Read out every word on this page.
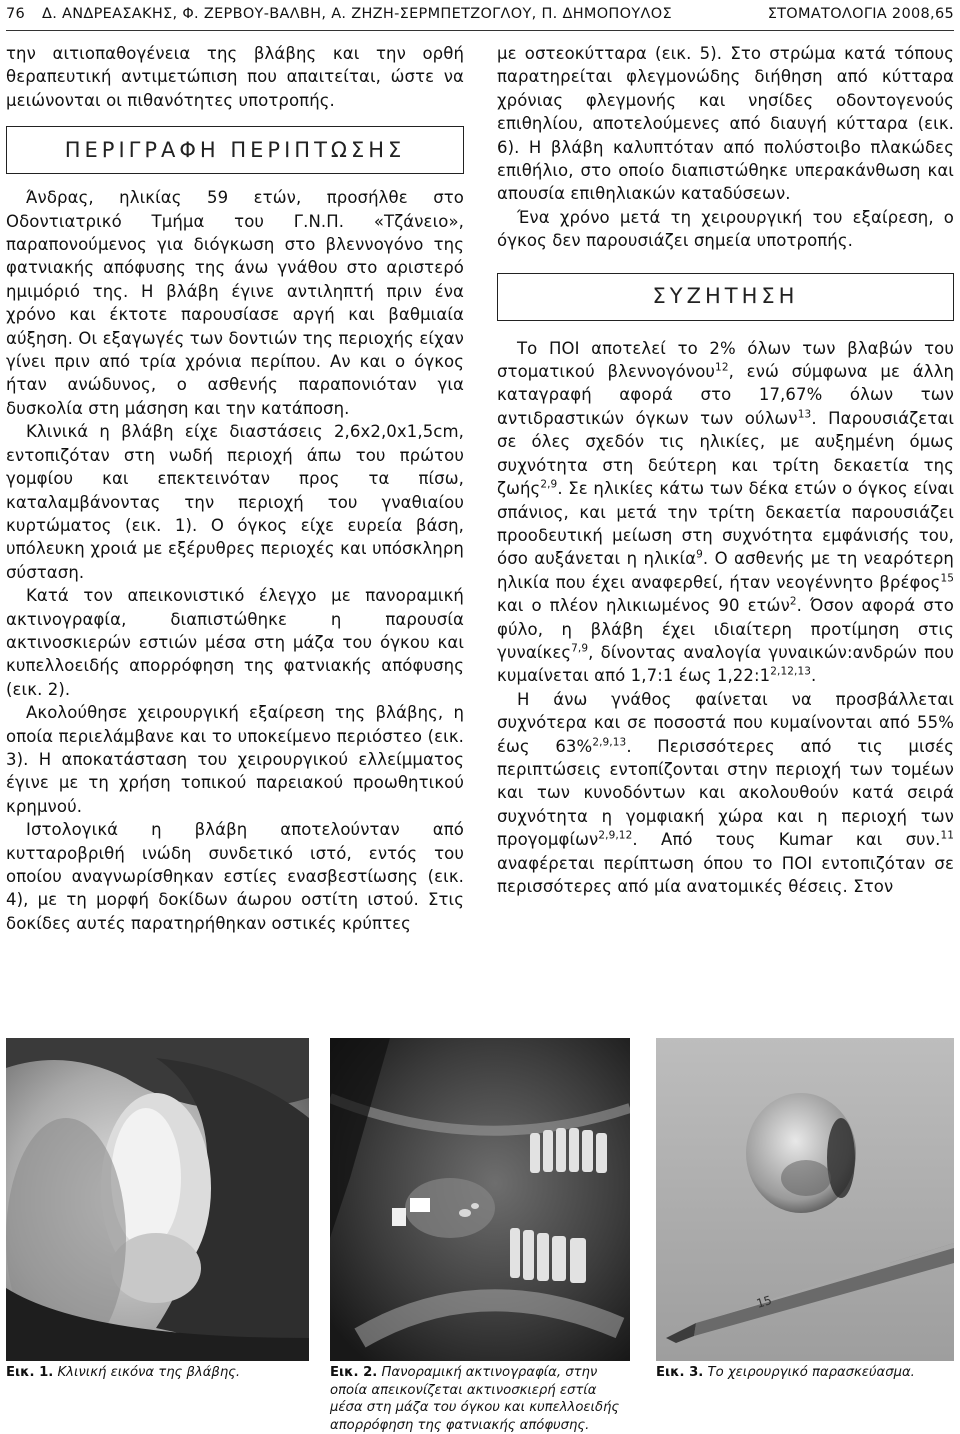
76 Δ. ΑΝΔΡΕΑΣΑΚΗΣ, Φ. ΖΕΡΒΟΥ-ΒΑΛΒΗ, Α. ΖΗΖΗ-ΣΕΡΜΠΕΤΖΟΓΛΟΥ, Π. ΔΗΜΟΠΟΥΛΟΣ	ΣΤΟΜΑΤΟΛΟΓΙΑ 2008,65

την αιτιοπαθογένεια της βλάβης και την ορθή θεραπευτική αντιμετώπιση που απαιτείται, ώστε να μειώνονται οι πιθανότητες υποτροπής.

ΠΕΡΙΓΡΑΦΗ ΠΕΡΙΠΤΩΣΗΣ

Άνδρας, ηλικίας 59 ετών, προσήλθε στο Οδοντιατρικό Τμήμα του Γ.Ν.Π. «Τζάνειο», παραπονούμενος για διόγκωση στο βλεννογόνο της φατνιακής απόφυσης της άνω γνάθου στο αριστερό ημιμόριό της. Η βλάβη έγινε αντιληπτή πριν ένα χρόνο και έκτοτε παρουσίασε αργή και βαθμιαία αύξηση. Οι εξαγωγές των δοντιών της περιοχής είχαν γίνει πριν από τρία χρόνια περίπου. Αν και ο όγκος ήταν ανώδυνος, ο ασθενής παραπονιόταν για δυσκολία στη μάσηση και την κατάποση.

Κλινικά η βλάβη είχε διαστάσεις 2,6x2,0x1,5cm, εντοπιζόταν στη νωδή περιοχή άπω του πρώτου γομφίου και επεκτεινόταν προς τα πίσω, καταλαμβάνοντας την περιοχή του γναθιαίου κυρτώματος (εικ. 1). Ο όγκος είχε ευρεία βάση, υπόλευκη χροιά με εξέρυθρες περιοχές και υπόσκληρη σύσταση.

Κατά τον απεικονιστικό έλεγχο με πανοραμική ακτινογραφία, διαπιστώθηκε η παρουσία ακτινοσκιερών εστιών μέσα στη μάζα του όγκου και κυπελλοειδής απορρόφηση της φατνιακής απόφυσης (εικ. 2).

Ακολούθησε χειρουργική εξαίρεση της βλάβης, η οποία περιελάμβανε και το υποκείμενο περιόστεο (εικ. 3). Η αποκατάσταση του χειρουργικού ελλείμματος έγινε με τη χρήση τοπικού παρειακού προωθητικού κρημνού.

Ιστολογικά η βλάβη αποτελούνταν από κυτταροβριθή ινώδη συνδετικό ιστό, εντός του οποίου αναγνωρίσθηκαν εστίες ενασβεστίωσης (εικ. 4), με τη μορφή δοκίδων άωρου οστίτη ιστού. Στις δοκίδες αυτές παρατηρήθηκαν οστικές κρύπτες

με οστεοκύτταρα (εικ. 5). Στο στρώμα κατά τόπους παρατηρείται φλεγμονώδης διήθηση από κύτταρα χρόνιας φλεγμονής και νησίδες οδοντογενούς επιθηλίου, αποτελούμενες από διαυγή κύτταρα (εικ. 6). Η βλάβη καλυπτόταν από πολύστοιβο πλακώδες επιθήλιο, στο οποίο διαπιστώθηκε υπερακάνθωση και απουσία επιθηλιακών καταδύσεων.

Ένα χρόνο μετά τη χειρουργική του εξαίρεση, ο όγκος δεν παρουσιάζει σημεία υποτροπής.

ΣΥΖΗΤΗΣΗ

Το ΠΟΙ αποτελεί το 2% όλων των βλαβών του στοματικού βλεννογόνου$^{12}$, ενώ σύμφωνα με άλλη καταγραφή αφορά στο 17,67% όλων των αντιδραστικών όγκων των ούλων$^{13}$. Παρουσιάζεται σε όλες σχεδόν τις ηλικίες, με αυξημένη όμως συχνότητα στη δεύτερη και τρίτη δεκαετία της ζωής$^{2,9}$. Σε ηλικίες κάτω των δέκα ετών ο όγκος είναι σπάνιος, και μετά την τρίτη δεκαετία παρουσιάζει προοδευτική μείωση στη συχνότητα εμφάνισής του, όσο αυξάνεται η ηλικία$^9$. Ο ασθενής με τη νεαρότερη ηλικία που έχει αναφερθεί, ήταν νεογέννητο βρέφος$^{15}$ και ο πλέον ηλικιωμένος 90 ετών$^2$. Όσον αφορά στο φύλο, η βλάβη έχει ιδιαίτερη προτίμηση στις γυναίκες$^{7,9}$, δίνοντας αναλογία γυναικών:ανδρών που κυμαίνεται από 1,7:1 έως 1,22:1$^{2,12,13}$.

Η άνω γνάθος φαίνεται να προσβάλλεται συχνότερα και σε ποσοστά που κυμαίνονται από 55% έως 63%$^{2,9,13}$. Περισσότερες από τις μισές περιπτώσεις εντοπίζονται στην περιοχή των τομέων και των κυνοδόντων και ακολουθούν κατά σειρά συχνότητα η γομφιακή χώρα και η περιοχή των προγομφίων$^{2,9,12}$. Από τους Kumar και συν.$^{11}$ αναφέρεται περίπτωση όπου το ΠΟΙ εντοπιζόταν σε περισσότερες από μία ανατομικές θέσεις. Στον

15
Εικ. 1. Κλινική εικόνα της βλάβης.	Εικ. 2. Πανοραμική ακτινογραφία, στην οποία απεικονίζεται ακτινοσκιερή εστία μέσα στη μάζα του όγκου και κυπελλοειδής απορρόφηση της φατνιακής απόφυσης.
Εικ. 3. Το χειρουργικό παρασκεύασμα.
